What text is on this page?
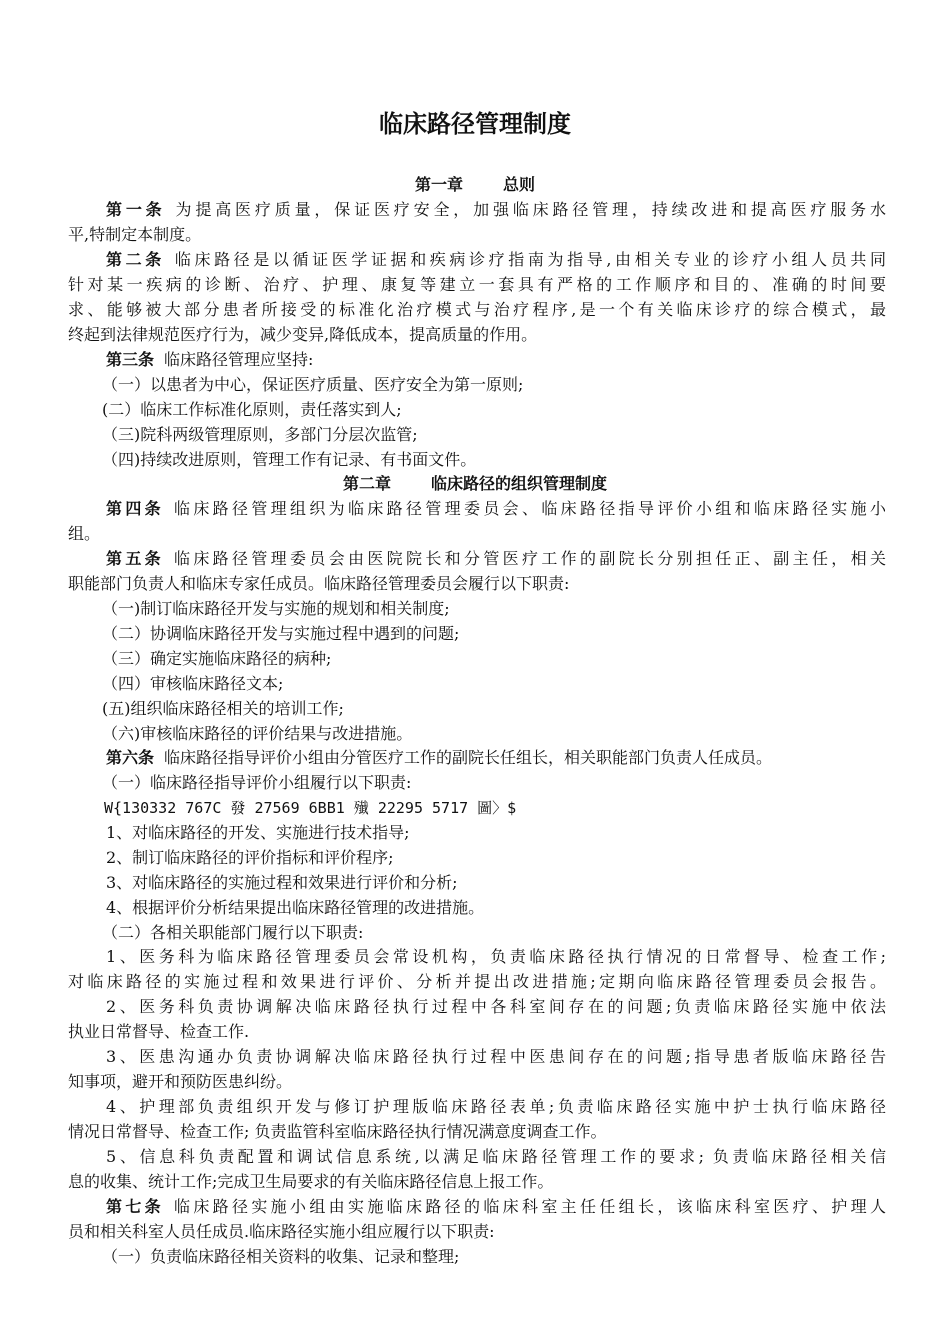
临床路径管理制度
第一章	总则
第一条 为提高医疗质量，保证医疗安全，加强临床路径管理，持续改进和提高医疗服务水
平,特制定本制度。
第二条 临床路径是以循证医学证据和疾病诊疗指南为指导,由相关专业的诊疗小组人员共同
针对某一疾病的诊断、治疗、护理、康复等建立一套具有严格的工作顺序和目的、准确的时间要
求、能够被大部分患者所接受的标准化治疗模式与治疗程序,是一个有关临床诊疗的综合模式，最
终起到法律规范医疗行为，减少变异,降低成本，提高质量的作用。
第三条 临床路径管理应坚持:
（一）以患者为中心，保证医疗质量、医疗安全为第一原则;
(二）临床工作标准化原则，责任落实到人;
（三)院科两级管理原则，多部门分层次监管;
（四)持续改进原则，管理工作有记录、有书面文件。
第二章	临床路径的组织管理制度
第四条 临床路径管理组织为临床路径管理委员会、临床路径指导评价小组和临床路径实施小
组。
第五条 临床路径管理委员会由医院院长和分管医疗工作的副院长分别担任正、副主任，相关
职能部门负责人和临床专家任成员。临床路径管理委员会履行以下职责:
（一)制订临床路径开发与实施的规划和相关制度;
（二）协调临床路径开发与实施过程中遇到的问题;
（三）确定实施临床路径的病种;
（四）审核临床路径文本;
(五)组织临床路径相关的培训工作;
（六)审核临床路径的评价结果与改进措施。
第六条 临床路径指导评价小组由分管医疗工作的副院长任组长，相关职能部门负责人任成员。
（一）临床路径指导评价小组履行以下职责:
W{130332 767C 發 27569 6BB1 殱 22295 5717 圖〉$
1、对临床路径的开发、实施进行技术指导;
2、制订临床路径的评价指标和评价程序;
3、对临床路径的实施过程和效果进行评价和分析;
4、根据评价分析结果提出临床路径管理的改进措施。
（二）各相关职能部门履行以下职责:
1、医务科为临床路径管理委员会常设机构，负责临床路径执行情况的日常督导、检查工作;
对临床路径的实施过程和效果进行评价、分析并提出改进措施;定期向临床路径管理委员会报告。
2、医务科负责协调解决临床路径执行过程中各科室间存在的问题;负责临床路径实施中依法
执业日常督导、检查工作.
3、医患沟通办负责协调解决临床路径执行过程中医患间存在的问题;指导患者版临床路径告
知事项，避开和预防医患纠纷。
4、护理部负责组织开发与修订护理版临床路径表单;负责临床路径实施中护士执行临床路径
情况日常督导、检查工作; 负责监管科室临床路径执行情况满意度调查工作。
5、信息科负责配置和调试信息系统,以满足临床路径管理工作的要求; 负责临床路径相关信
息的收集、统计工作;完成卫生局要求的有关临床路径信息上报工作。
第七条 临床路径实施小组由实施临床路径的临床科室主任任组长，该临床科室医疗、护理人
员和相关科室人员任成员.临床路径实施小组应履行以下职责:
（一）负责临床路径相关资料的收集、记录和整理;
